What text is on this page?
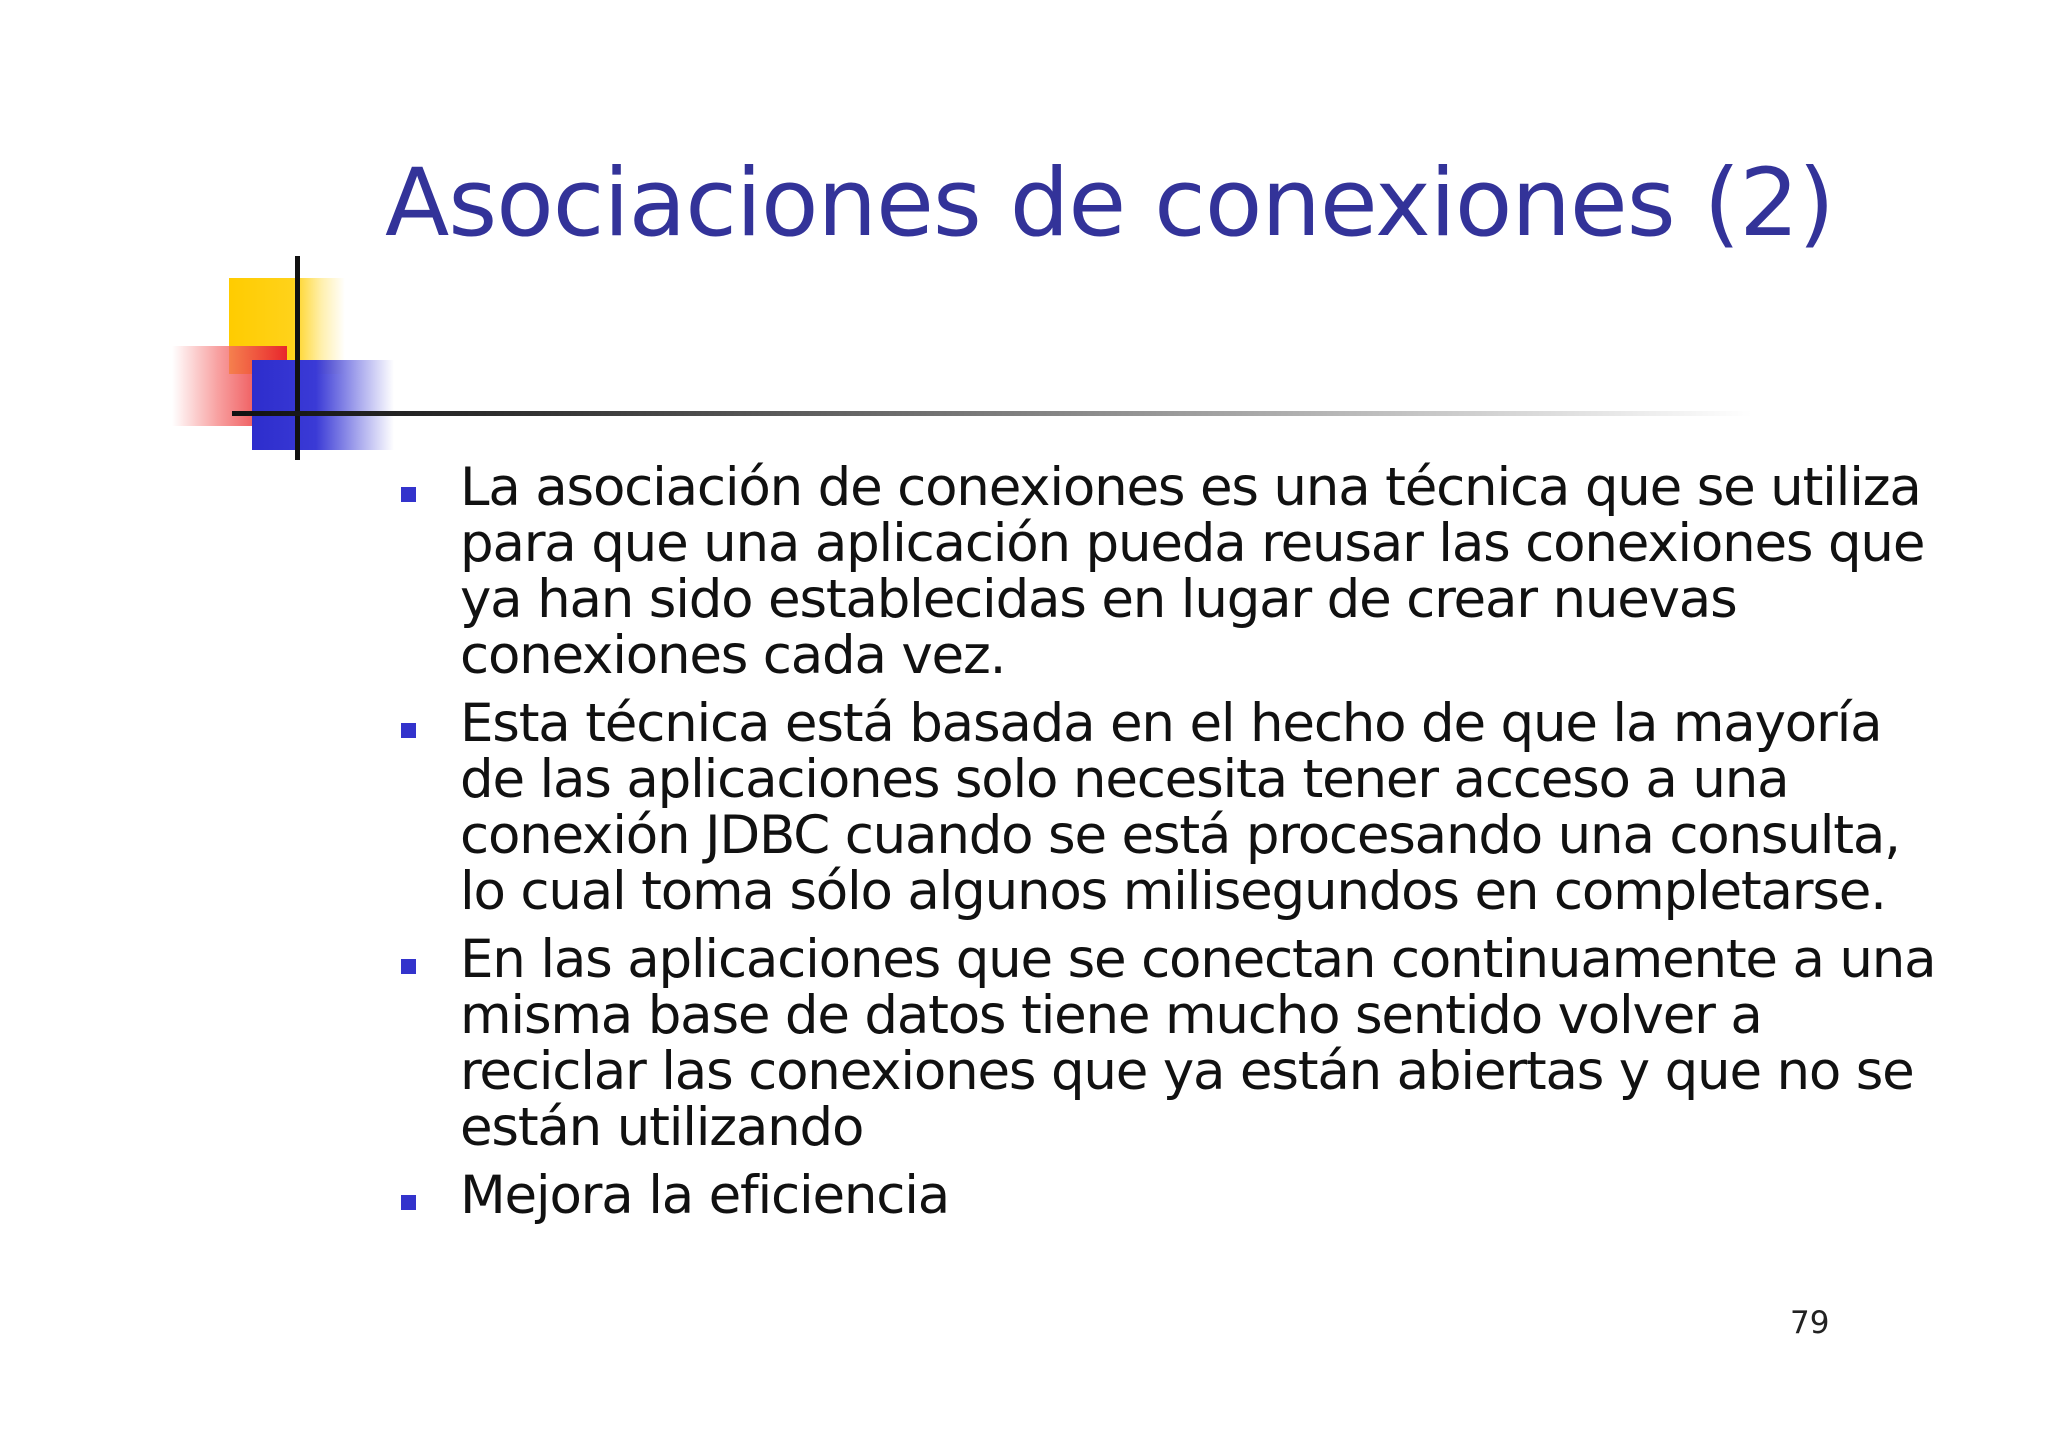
Asociaciones de conexiones (2)
La asociación de conexiones es una técnica que se utiliza para que una aplicación pueda reusar las conexiones que ya han sido establecidas en lugar de crear nuevas conexiones cada vez.
Esta técnica está basada en el hecho de que la mayoría de las aplicaciones solo necesita tener acceso a una conexión JDBC cuando se está procesando una consulta, lo cual toma sólo algunos milisegundos en completarse.
En las aplicaciones que se conectan continuamente a una misma base de datos tiene mucho sentido volver a reciclar las conexiones que ya están abiertas y que no se están utilizando
Mejora la eficiencia
79
